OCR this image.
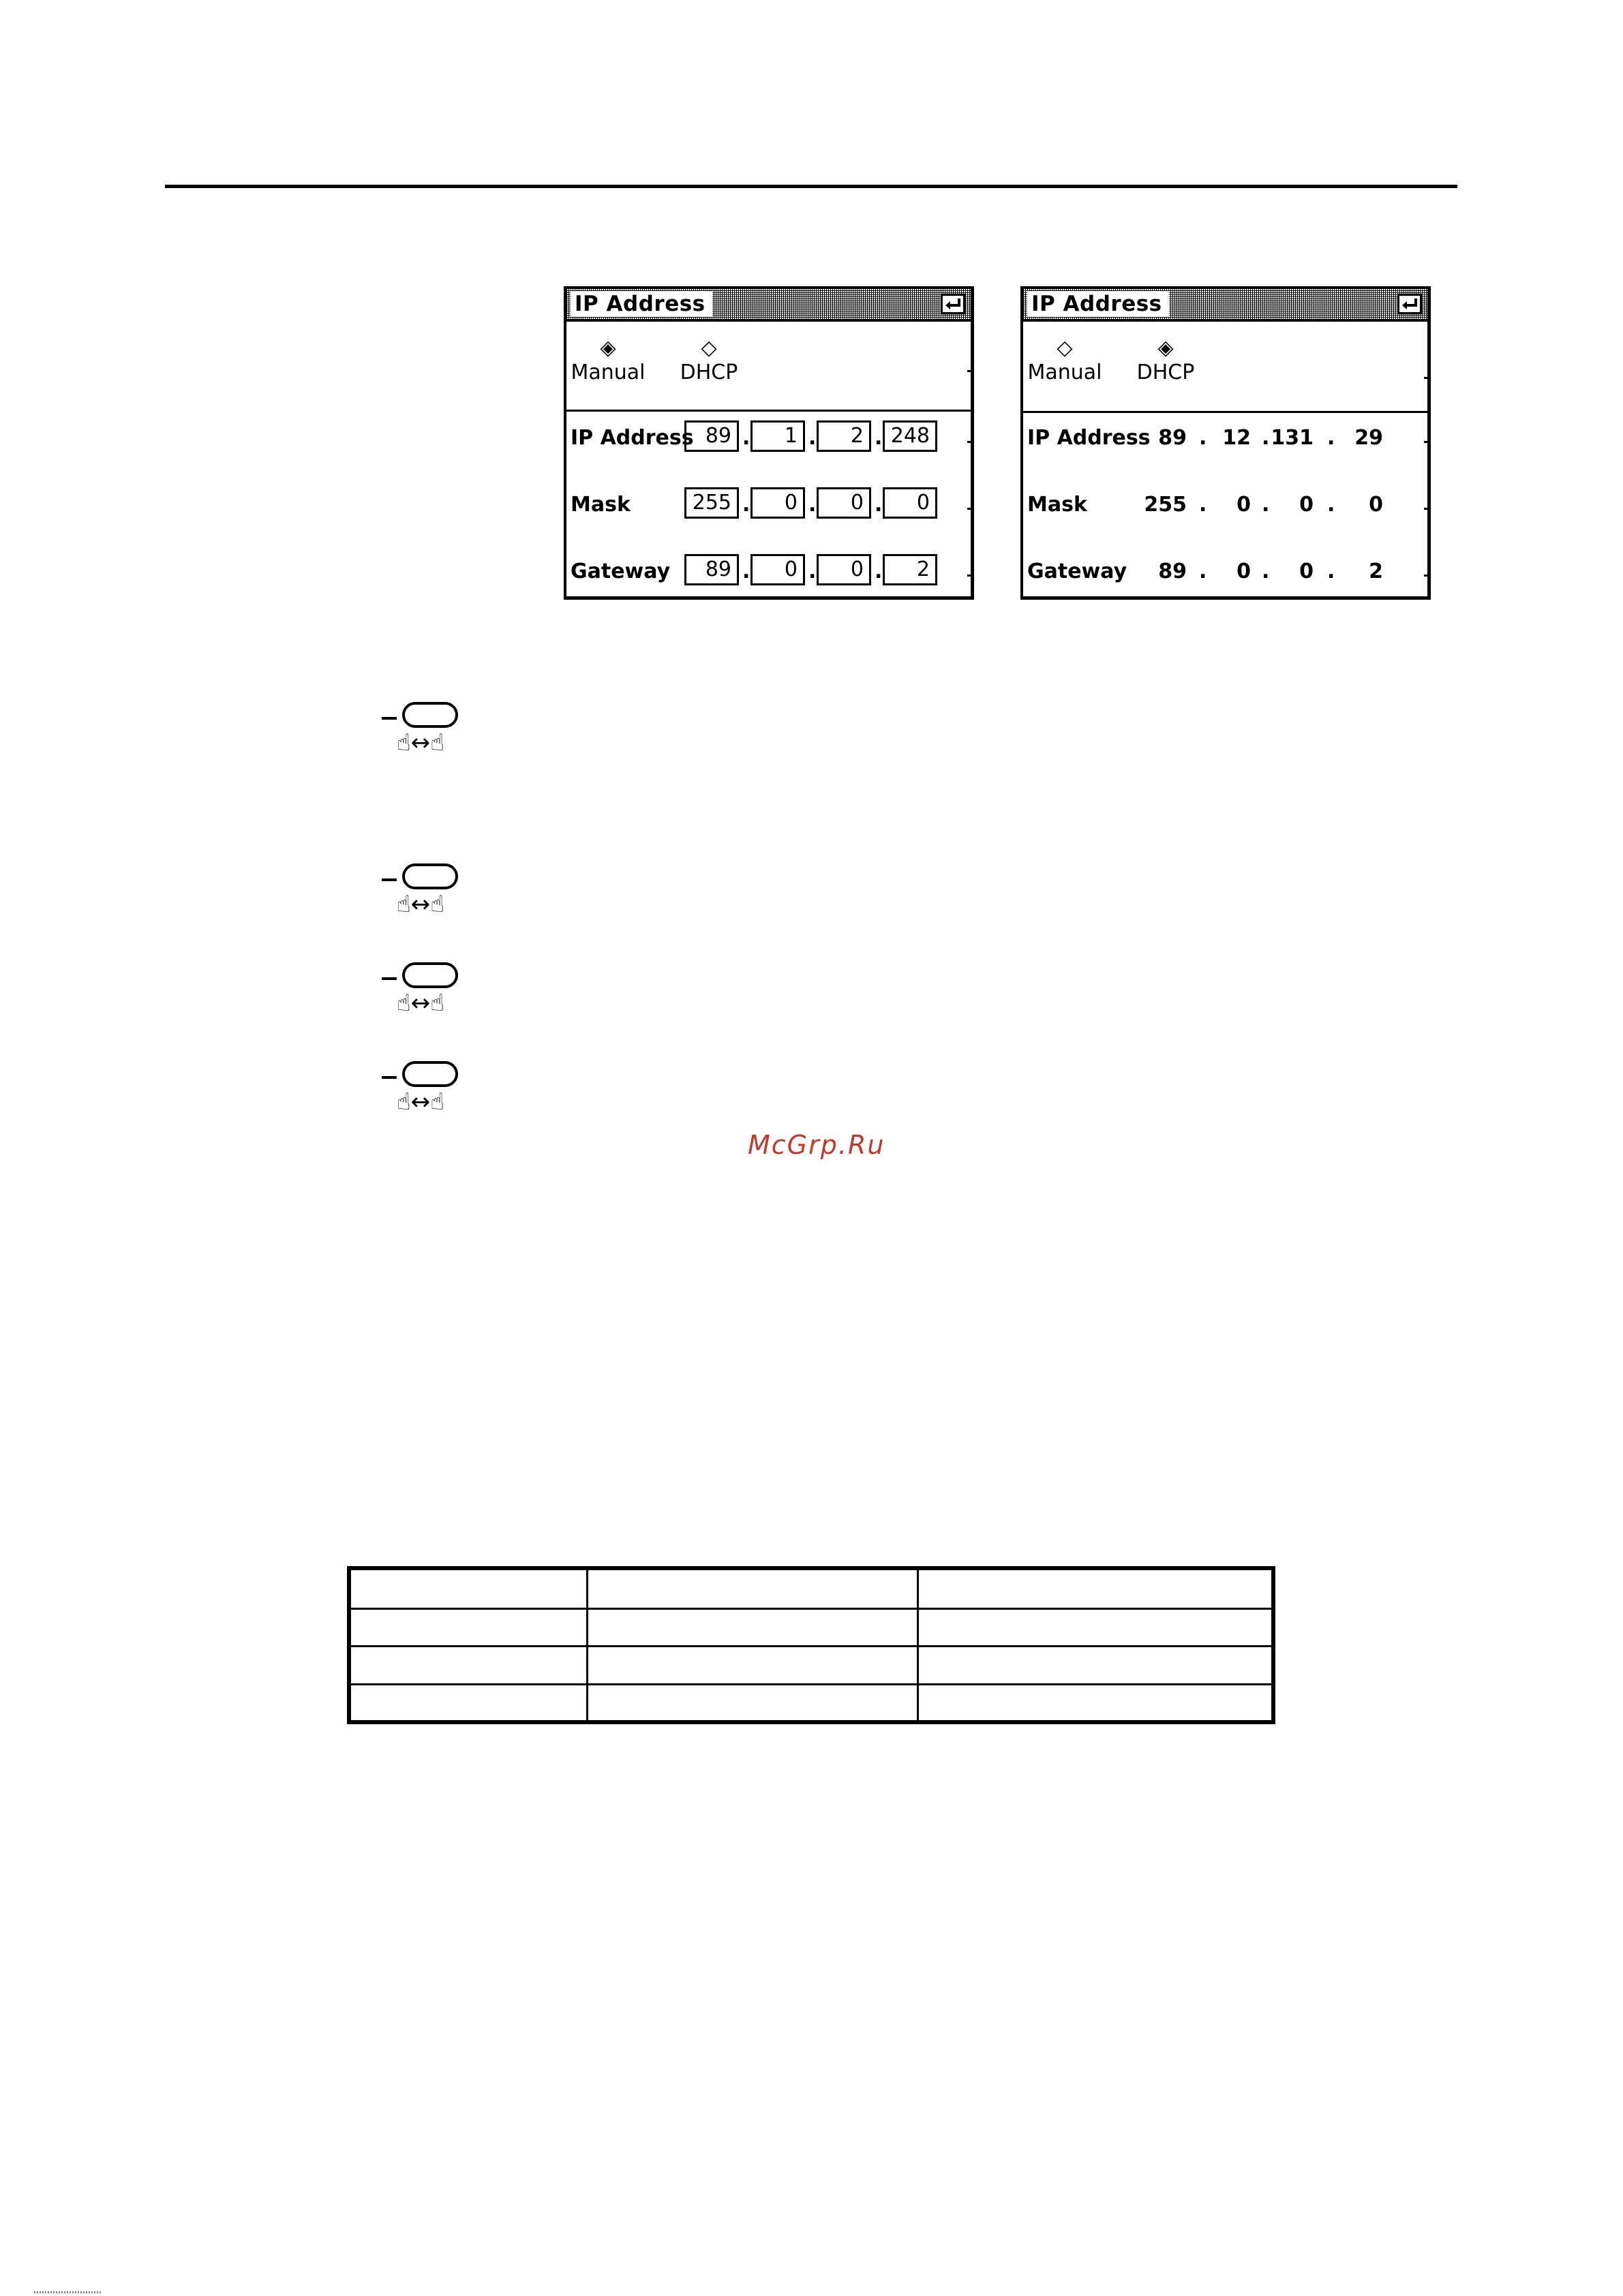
IP Address
◈
Manual
◇
DHCP
IP Address 89 .	1 .	2 . 248
Mask	255 .	0 .	0 .	0
Gateway	89 .	0 .	0 .	2
IP Address
◇
Manual
◈
DHCP
IP Address 89 . 12 . 131 . 29
Mask	255 .	0 .	0 .	0
Gateway	89 .	0 .	0 .	2
☝↔☝
☝↔☝
☝↔☝
☝↔☝
McGrp.Ru
